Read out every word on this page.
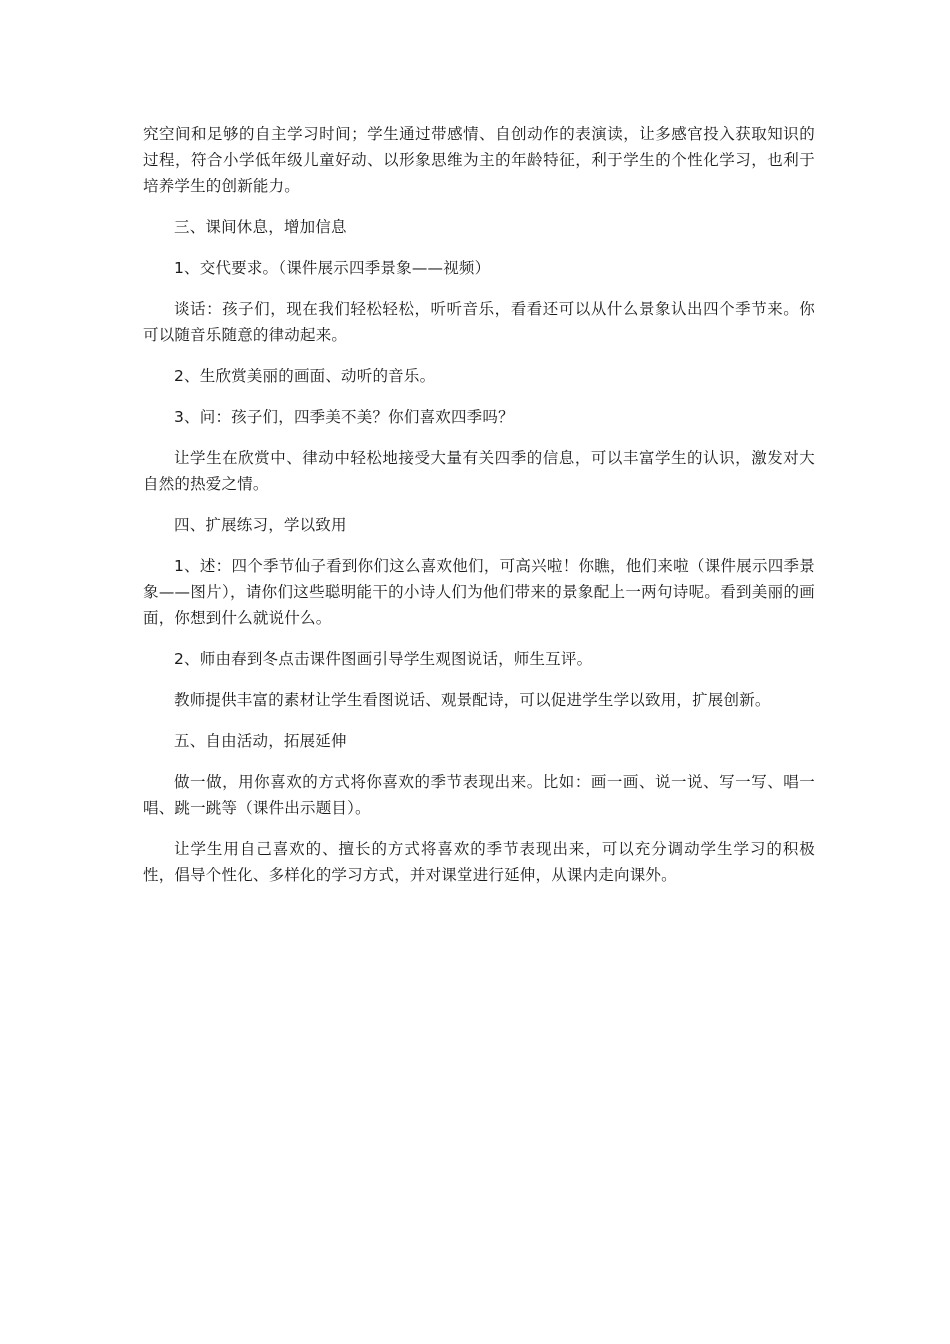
究空间和足够的自主学习时间；学生通过带感情、自创动作的表演读，让多感官投入获取知识的过程，符合小学低年级儿童好动、以形象思维为主的年龄特征，利于学生的个性化学习，也利于培养学生的创新能力。

三、课间休息，增加信息

1、交代要求。（课件展示四季景象——视频）

谈话：孩子们，现在我们轻松轻松，听听音乐，看看还可以从什么景象认出四个季节来。你可以随音乐随意的律动起来。

2、生欣赏美丽的画面、动听的音乐。

3、问：孩子们，四季美不美？你们喜欢四季吗？

让学生在欣赏中、律动中轻松地接受大量有关四季的信息，可以丰富学生的认识，激发对大自然的热爱之情。

四、扩展练习，学以致用

1、述：四个季节仙子看到你们这么喜欢他们，可高兴啦！你瞧，他们来啦（课件展示四季景象——图片），请你们这些聪明能干的小诗人们为他们带来的景象配上一两句诗呢。看到美丽的画面，你想到什么就说什么。

2、师由春到冬点击课件图画引导学生观图说话，师生互评。

教师提供丰富的素材让学生看图说话、观景配诗，可以促进学生学以致用，扩展创新。

五、自由活动，拓展延伸

做一做，用你喜欢的方式将你喜欢的季节表现出来。比如：画一画、说一说、写一写、唱一唱、跳一跳等（课件出示题目）。

让学生用自己喜欢的、擅长的方式将喜欢的季节表现出来，可以充分调动学生学习的积极性，倡导个性化、多样化的学习方式，并对课堂进行延伸，从课内走向课外。
